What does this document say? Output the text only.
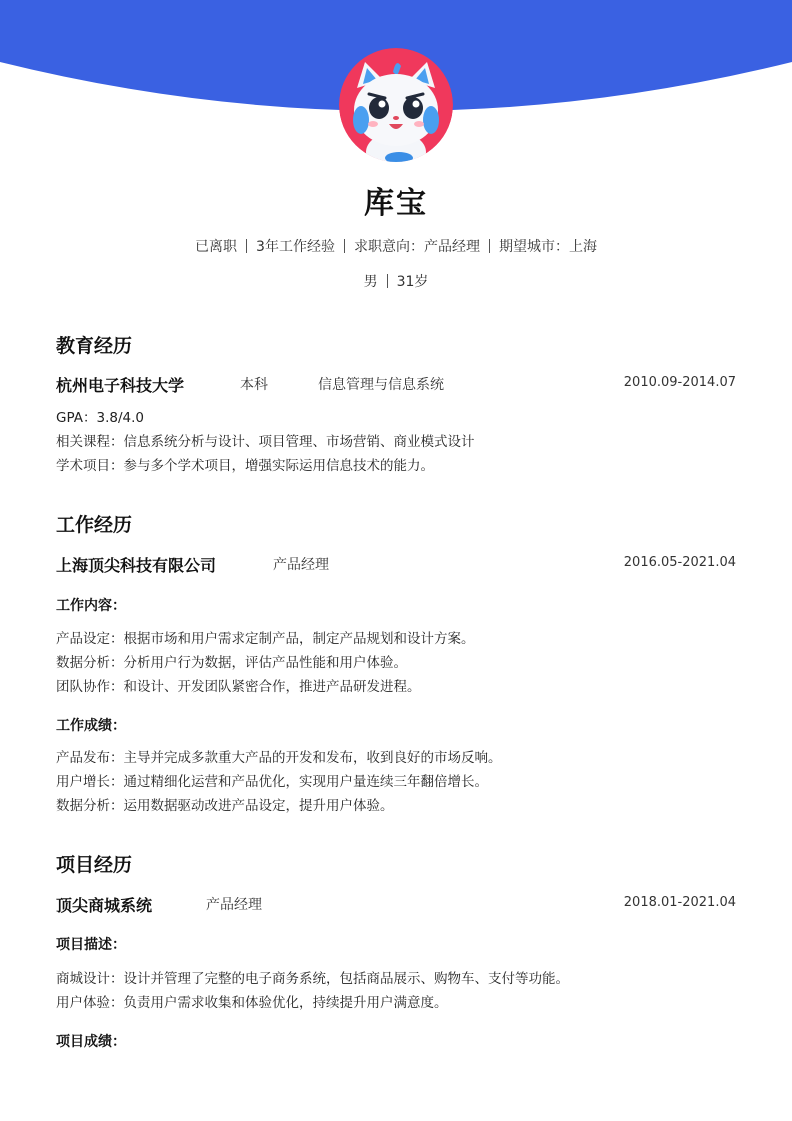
库宝
已离职 3年工作经验 求职意向：产品经理 期望城市：上海
男 31岁
教育经历
杭州电子科技大学	本科	信息管理与信息系统	2010.09-2014.07
GPA：3.8/4.0
相关课程：信息系统分析与设计、项目管理、市场营销、商业模式设计
学术项目：参与多个学术项目，增强实际运用信息技术的能力。
工作经历
上海顶尖科技有限公司	产品经理	2016.05-2021.04
工作内容：
产品设定：根据市场和用户需求定制产品，制定产品规划和设计方案。
数据分析：分析用户行为数据，评估产品性能和用户体验。
团队协作：和设计、开发团队紧密合作，推进产品研发进程。
工作成绩：
产品发布：主导并完成多款重大产品的开发和发布，收到良好的市场反响。
用户增长：通过精细化运营和产品优化，实现用户量连续三年翻倍增长。
数据分析：运用数据驱动改进产品设定，提升用户体验。
项目经历
顶尖商城系统	产品经理	2018.01-2021.04
项目描述：
商城设计：设计并管理了完整的电子商务系统，包括商品展示、购物车、支付等功能。
用户体验：负责用户需求收集和体验优化，持续提升用户满意度。
项目成绩：
